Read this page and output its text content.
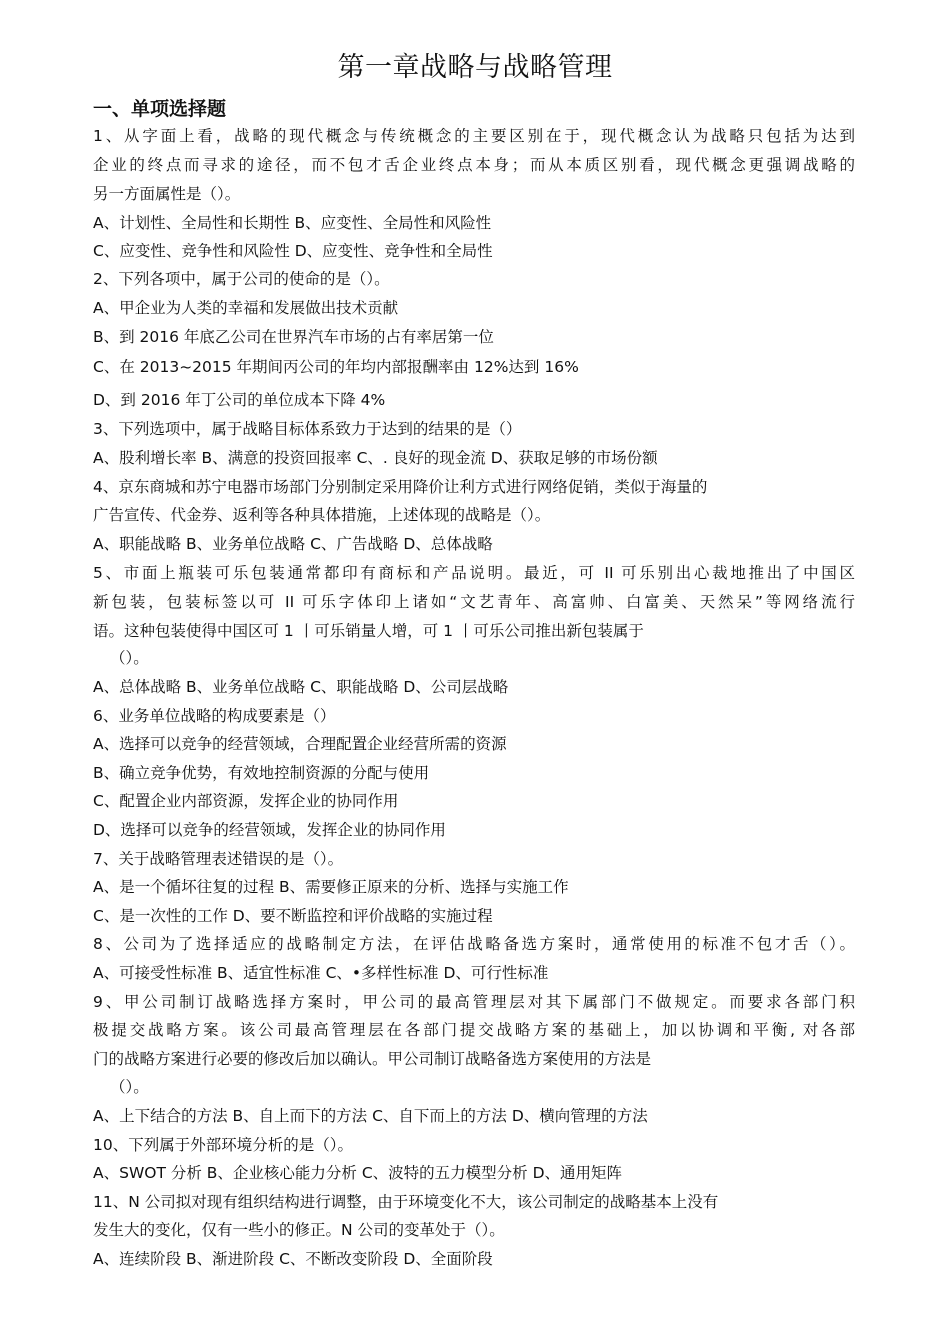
第一章战略与战略管理
一、单项选择题
1、从字面上看，战略的现代概念与传统概念的主要区别在于，现代概念认为战略只包括为达到
企业的终点而寻求的途径，而不包才舌企业终点本身；而从本质区别看，现代概念更强调战略的
另一方面属性是（）。
A、计划性、全局性和长期性 B、应变性、全局性和风险性
C、应变性、竞争性和风险性 D、应变性、竞争性和全局性
2、下列各项中，属于公司的使命的是（）。
A、甲企业为人类的幸福和发展做出技术贡献
B、到 2016 年底乙公司在世界汽车市场的占有率居第一位
C、在 2013~2015 年期间丙公司的年均内部报酬率由 12%达到 16%
D、到 2016 年丁公司的单位成本下降 4%
3、下列选项中，属于战略目标体系致力于达到的结果的是（）
A、股利增长率 B、满意的投资回报率 C、. 良好的现金流 D、获取足够的市场份额
4、京东商城和苏宁电器市场部门分别制定采用降价让利方式进行网络促销，类似于海量的
广告宣传、代金券、返利等各种具体措施，上述体现的战略是（）。
A、职能战略 B、业务单位战略 C、广告战略 D、总体战略
5、市面上瓶装可乐包装通常都印有商标和产品说明。最近，可 II 可乐别出心裁地推出了中国区
新包装，包装标签以可 II 可乐字体印上诸如“文艺青年、高富帅、白富美、天然呆”等网络流行
语。这种包装使得中国区可 1 丨可乐销量人增，可 1 丨可乐公司推出新包装属于
（）。
A、总体战略 B、业务单位战略 C、职能战略 D、公司层战略
6、业务单位战略的构成要素是（）
A、选择可以竞争的经营领域，合理配置企业经营所需的资源
B、确立竞争优势，有效地控制资源的分配与使用
C、配置企业内部资源，发挥企业的协同作用
D、选择可以竞争的经营领域，发挥企业的协同作用
7、关于战略管理表述错误的是（）。
A、是一个循坏往复的过程 B、需要修正原来的分析、选择与实施工作
C、是一次性的工作 D、要不断监控和评价战略的实施过程
8、公司为了选择适应的战略制定方法，在评估战略备选方案时，通常使用的标准不包才舌（）。
A、可接受性标准 B、适宜性标准 C、•多样性标准 D、可行性标准
9、甲公司制订战略选择方案时，甲公司的最高管理层对其下属部门不做规定。而要求各部门积
极提交战略方案。该公司最高管理层在各部门提交战略方案的基础上，加以协调和平衡, 对各部
门的战略方案进行必要的修改后加以确认。甲公司制订战略备选方案使用的方法是
（）。
A、上下结合的方法 B、自上而下的方法 C、自下而上的方法 D、横向管理的方法
10、下列属于外部环境分析的是（）。
A、SWOT 分析 B、企业核心能力分析 C、波特的五力模型分析 D、通用矩阵
11、N 公司拟对现有组织结构进行调整，由于环境变化不大，该公司制定的战略基本上没有
发生大的变化，仅有一些小的修正。N 公司的变革处于（）。
A、连续阶段 B、渐进阶段 C、不断改变阶段 D、全面阶段
